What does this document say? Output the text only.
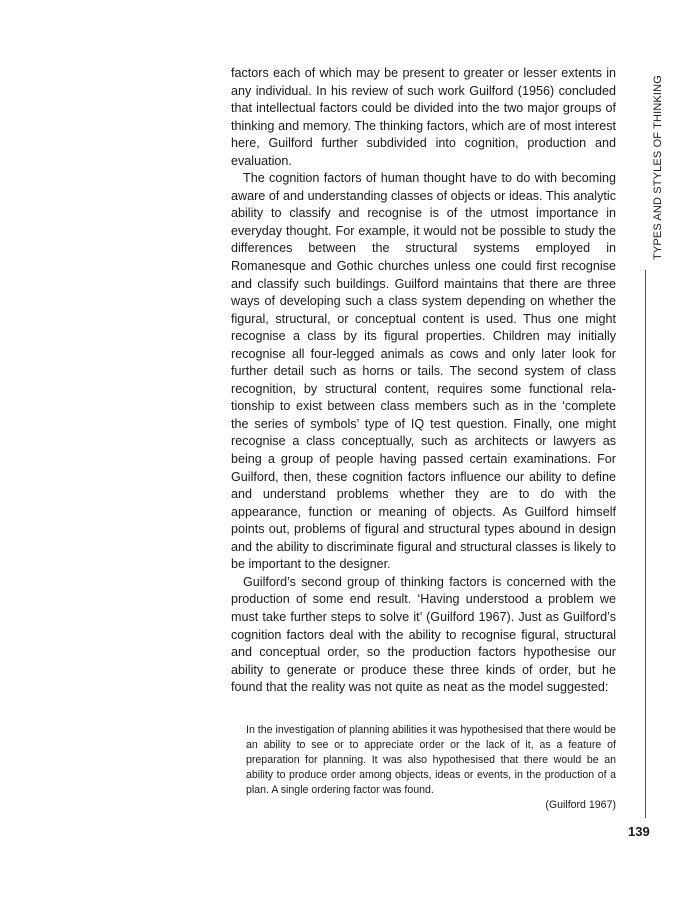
factors each of which may be present to greater or lesser extents in any individual. In his review of such work Guilford (1956) concluded that intellectual factors could be divided into the two major groups of thinking and memory. The thinking factors, which are of most interest here, Guilford further subdivided into cognition, production and evaluation.

The cognition factors of human thought have to do with becoming aware of and understanding classes of objects or ideas. This analytic ability to classify and recognise is of the utmost importance in everyday thought. For example, it would not be possible to study the differences between the structural systems employed in Romanesque and Gothic churches unless one could first recognise and classify such buildings. Guilford maintains that there are three ways of developing such a class system depending on whether the figural, structural, or conceptual content is used. Thus one might recognise a class by its figural properties. Children may initially recognise all four-legged animals as cows and only later look for further detail such as horns or tails. The second system of class recognition, by structural content, requires some functional relationship to exist between class members such as in the ‘complete the series of symbols’ type of IQ test question. Finally, one might recognise a class conceptually, such as architects or lawyers as being a group of people having passed certain examinations. For Guilford, then, these cognition factors influence our ability to define and understand problems whether they are to do with the appearance, function or meaning of objects. As Guilford himself points out, problems of figural and structural types abound in design and the ability to discriminate figural and structural classes is likely to be important to the designer.

Guilford’s second group of thinking factors is concerned with the production of some end result. ‘Having understood a problem we must take further steps to solve it’ (Guilford 1967). Just as Guilford’s cognition factors deal with the ability to recognise figural, structural and conceptual order, so the production factors hypothesise our ability to generate or produce these three kinds of order, but he found that the reality was not quite as neat as the model suggested:

In the investigation of planning abilities it was hypothesised that there would be an ability to see or to appreciate order or the lack of it, as a feature of preparation for planning. It was also hypothesised that there would be an ability to produce order among objects, ideas or events, in the production of a plan. A single ordering factor was found.

(Guilford 1967)

TYPES AND STYLES OF THINKING
139
